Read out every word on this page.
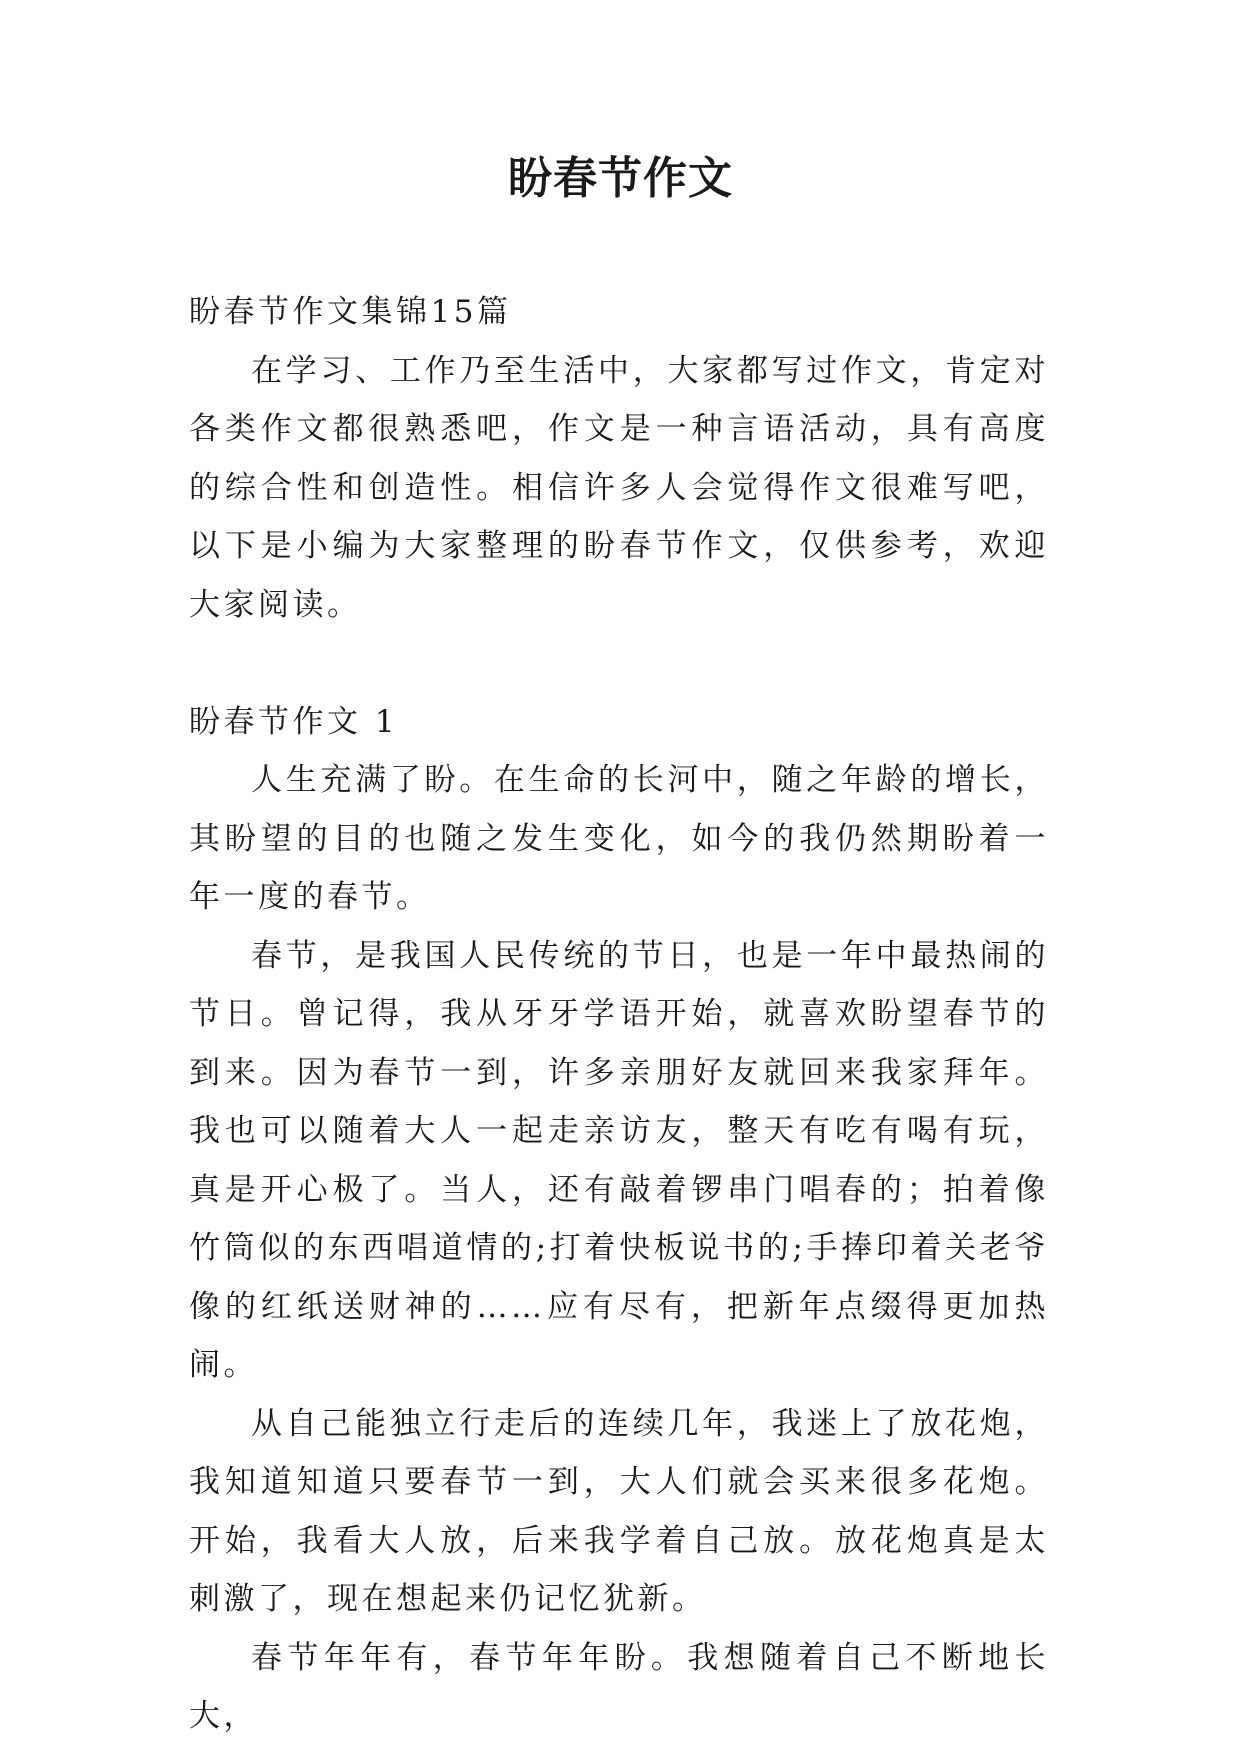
盼春节作文

盼春节作文集锦15篇

在学习、工作乃至生活中，大家都写过作文，肯定对各类作文都很熟悉吧，作文是一种言语活动，具有高度的综合性和创造性。相信许多人会觉得作文很难写吧，以下是小编为大家整理的盼春节作文，仅供参考，欢迎大家阅读。

盼春节作文 1

人生充满了盼。在生命的长河中，随之年龄的增长，其盼望的目的也随之发生变化，如今的我仍然期盼着一年一度的春节。

春节，是我国人民传统的节日，也是一年中最热闹的节日。曾记得，我从牙牙学语开始，就喜欢盼望春节的到来。因为春节一到，许多亲朋好友就回来我家拜年。我也可以随着大人一起走亲访友，整天有吃有喝有玩，真是开心极了。当人，还有敲着锣串门唱春的；拍着像竹筒似的东西唱道情的;打着快板说书的;手捧印着关老爷像的红纸送财神的……应有尽有，把新年点缀得更加热闹。

从自己能独立行走后的连续几年，我迷上了放花炮，我知道知道只要春节一到，大人们就会买来很多花炮。开始，我看大人放，后来我学着自己放。放花炮真是太刺激了，现在想起来仍记忆犹新。

春节年年有，春节年年盼。我想随着自己不断地长大，
